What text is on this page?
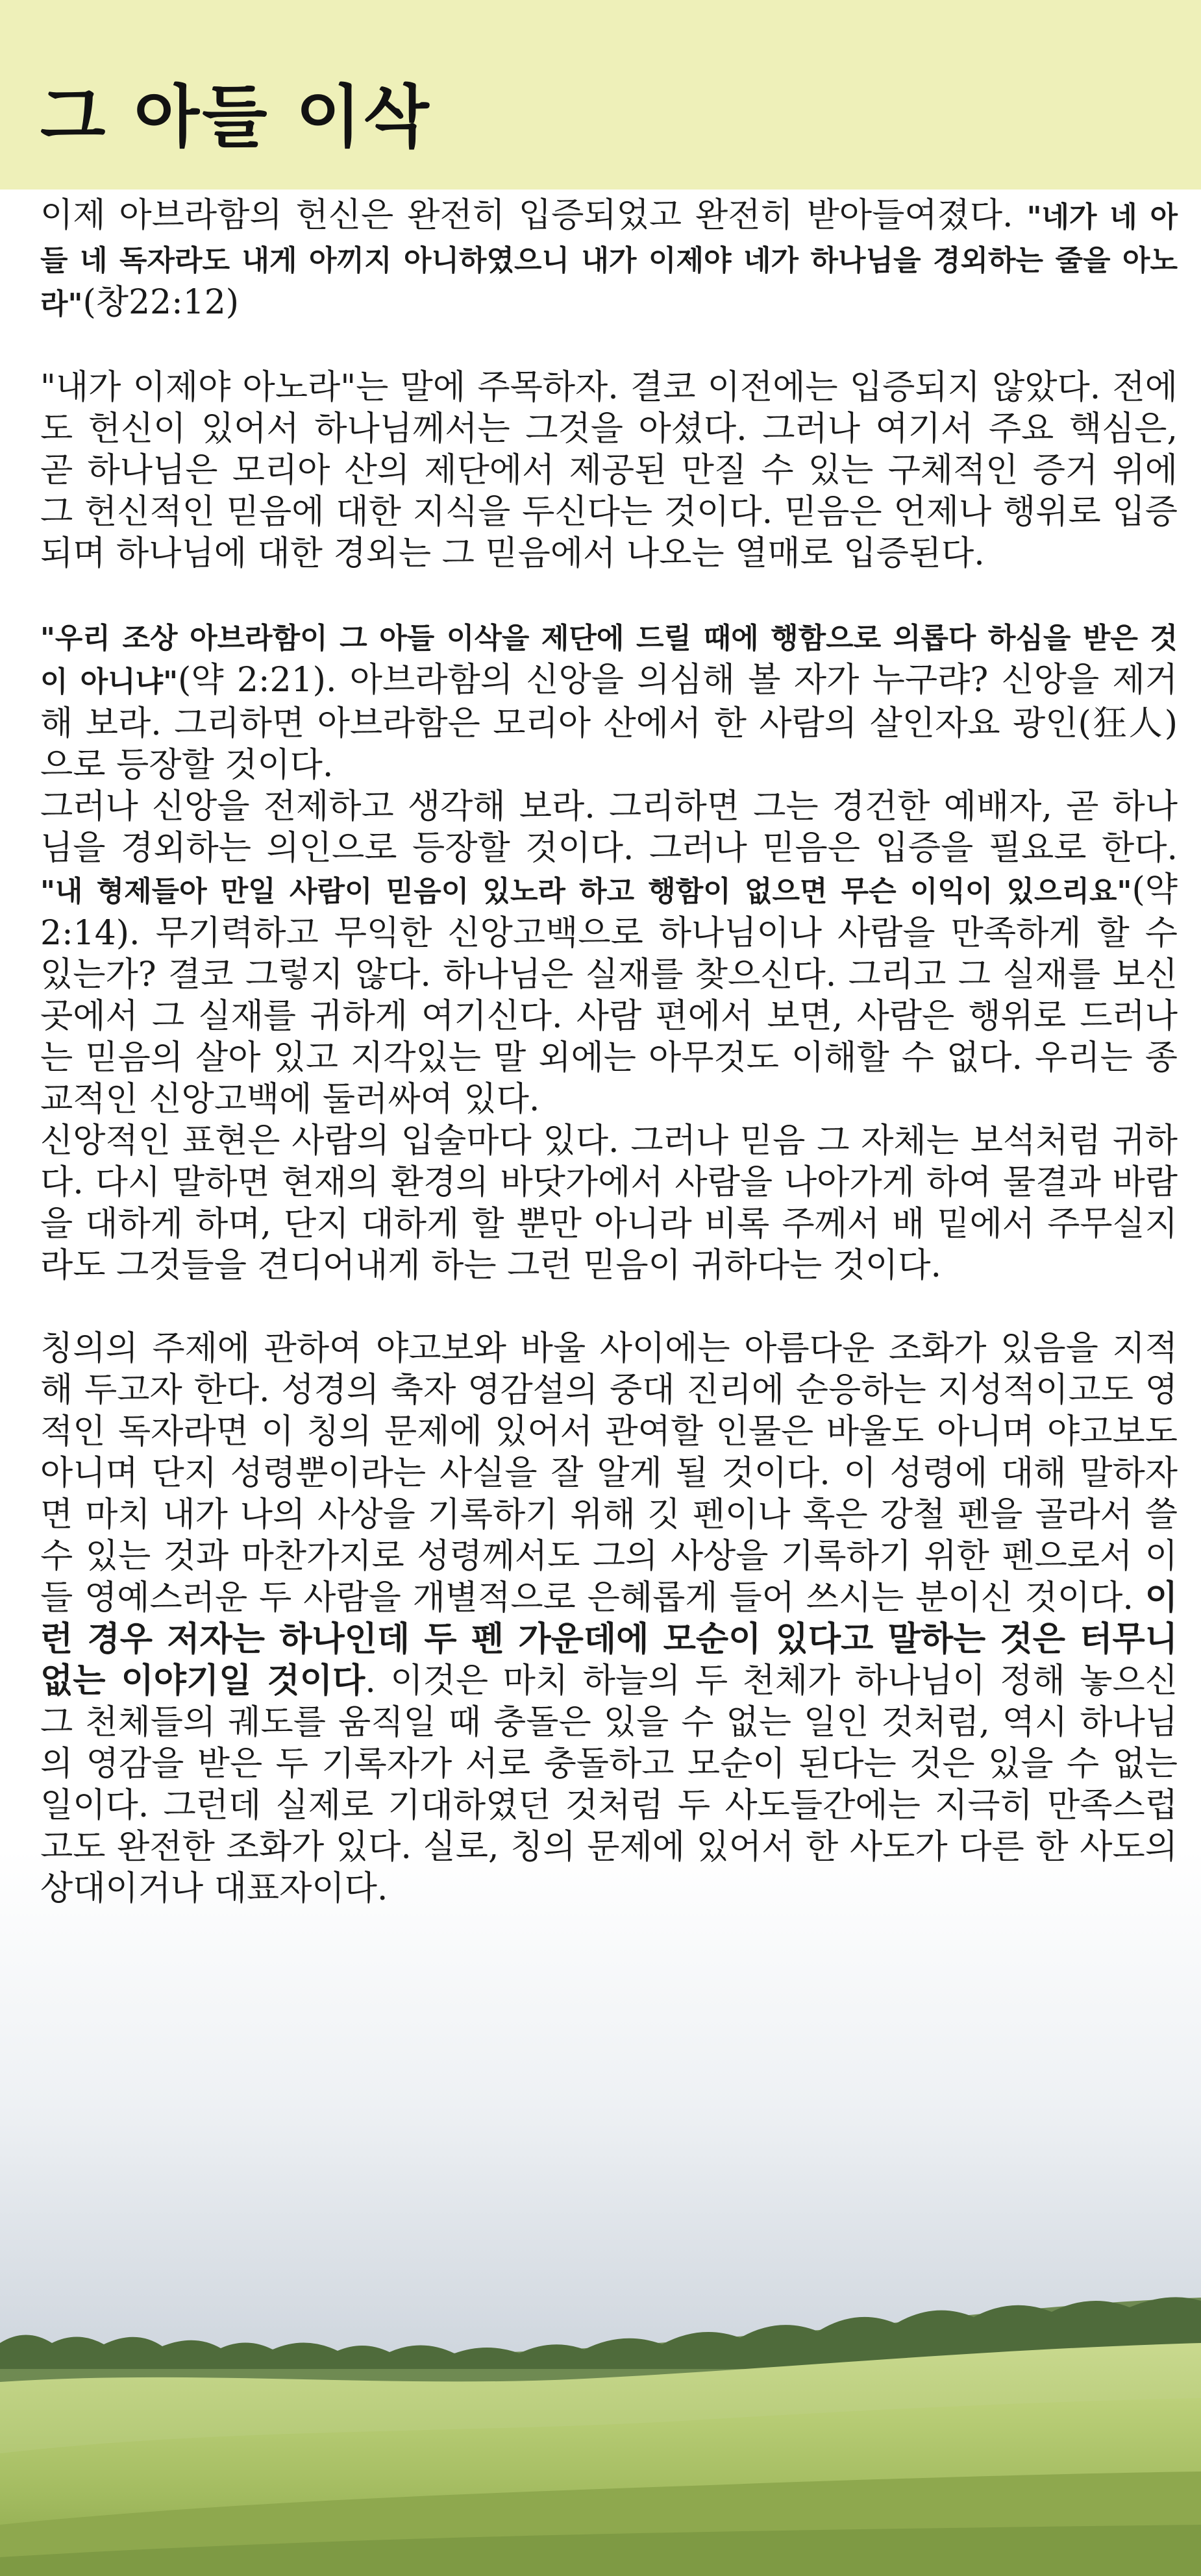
그 아들 이삭

이제 아브라함의 헌신은 완전히 입증되었고 완전히 받아들여졌다. "네가 네 아들 네 독자라도 내게 아끼지 아니하였으니 내가 이제야 네가 하나님을 경외하는 줄을 아노라"(창22:12)

"내가 이제야 아노라"는 말에 주목하자. 결코 이전에는 입증되지 않았다. 전에도 헌신이 있어서 하나님께서는 그것을 아셨다. 그러나 여기서 주요 핵심은, 곧 하나님은 모리아 산의 제단에서 제공된 만질 수 있는 구체적인 증거 위에 그 헌신적인 믿음에 대한 지식을 두신다는 것이다. 믿음은 언제나 행위로 입증되며 하나님에 대한 경외는 그 믿음에서 나오는 열매로 입증된다.

"우리 조상 아브라함이 그 아들 이삭을 제단에 드릴 때에 행함으로 의롭다 하심을 받은 것이 아니냐"(약 2:21). 아브라함의 신앙을 의심해 볼 자가 누구랴? 신앙을 제거해 보라. 그리하면 아브라함은 모리아 산에서 한 사람의 살인자요 광인(狂人)으로 등장할 것이다.

그러나 신앙을 전제하고 생각해 보라. 그리하면 그는 경건한 예배자, 곧 하나님을 경외하는 의인으로 등장할 것이다. 그러나 믿음은 입증을 필요로 한다. "내 형제들아 만일 사람이 믿음이 있노라 하고 행함이 없으면 무슨 이익이 있으리요"(약 2:14). 무기력하고 무익한 신앙고백으로 하나님이나 사람을 만족하게 할 수 있는가? 결코 그렇지 않다. 하나님은 실재를 찾으신다. 그리고 그 실재를 보신 곳에서 그 실재를 귀하게 여기신다. 사람 편에서 보면, 사람은 행위로 드러나는 믿음의 살아 있고 지각있는 말 외에는 아무것도 이해할 수 없다. 우리는 종교적인 신앙고백에 둘러싸여 있다.

신앙적인 표현은 사람의 입술마다 있다. 그러나 믿음 그 자체는 보석처럼 귀하다. 다시 말하면 현재의 환경의 바닷가에서 사람을 나아가게 하여 물결과 바람을 대하게 하며, 단지 대하게 할 뿐만 아니라 비록 주께서 배 밑에서 주무실지라도 그것들을 견디어내게 하는 그런 믿음이 귀하다는 것이다.

칭의의 주제에 관하여 야고보와 바울 사이에는 아름다운 조화가 있음을 지적해 두고자 한다. 성경의 축자 영감설의 중대 진리에 순응하는 지성적이고도 영적인 독자라면 이 칭의 문제에 있어서 관여할 인물은 바울도 아니며 야고보도 아니며 단지 성령뿐이라는 사실을 잘 알게 될 것이다. 이 성령에 대해 말하자면 마치 내가 나의 사상을 기록하기 위해 깃 펜이나 혹은 강철 펜을 골라서 쓸 수 있는 것과 마찬가지로 성령께서도 그의 사상을 기록하기 위한 펜으로서 이들 영예스러운 두 사람을 개별적으로 은혜롭게 들어 쓰시는 분이신 것이다. 이런 경우 저자는 하나인데 두 펜 가운데에 모순이 있다고 말하는 것은 터무니없는 이야기일 것이다. 이것은 마치 하늘의 두 천체가 하나님이 정해 놓으신 그 천체들의 궤도를 움직일 때 충돌은 있을 수 없는 일인 것처럼, 역시 하나님의 영감을 받은 두 기록자가 서로 충돌하고 모순이 된다는 것은 있을 수 없는 일이다. 그런데 실제로 기대하였던 것처럼 두 사도들간에는 지극히 만족스럽고도 완전한 조화가 있다. 실로, 칭의 문제에 있어서 한 사도가 다른 한 사도의 상대이거나 대표자이다.
